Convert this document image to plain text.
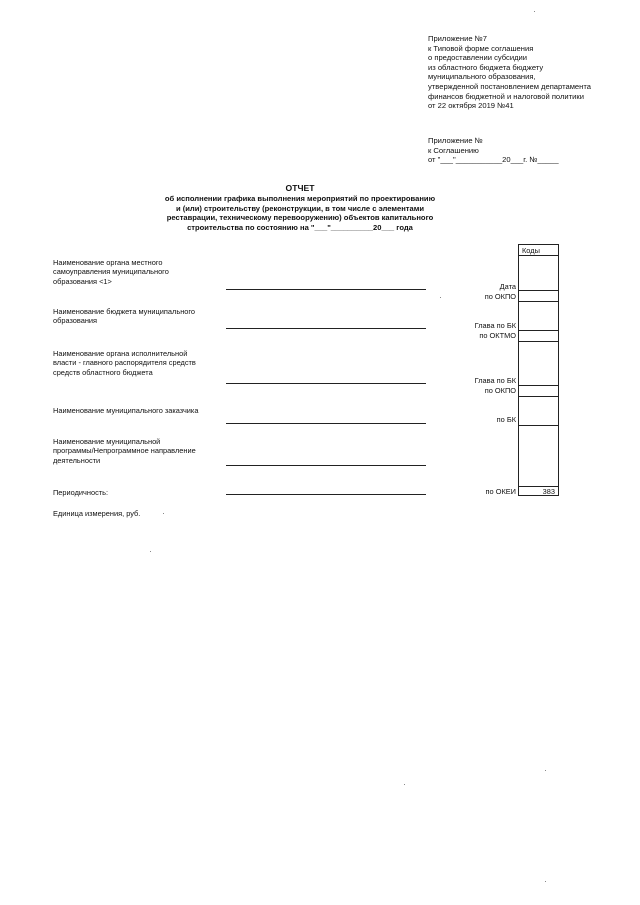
Приложение №7
к Типовой форме соглашения
о предоставлении субсидии
из областного бюджета бюджету
муниципального образования,
утвержденной постановлением департамента
финансов бюджетной и налоговой политики
от 22 октября 2019 №41
Приложение №
к Соглашению
от "___"___________20___г. №_____
ОТЧЕТ
об исполнении графика выполнения мероприятий по проектированию
и (или) строительству (реконструкции, в том числе с элементами
реставрации, техническому перевооружению) объектов капитального
строительства по состоянию на "___"__________20___ года
Наименование органа местного
самоуправления муниципального
образования <1>
Наименование бюджета муниципального
образования
Наименование органа исполнительной
власти - главного распорядителя средств
средств областного бюджета
Наименование муниципального заказчика
Наименование муниципальной
программы/Непрограммное направление
деятельности
Периодичность:
Единица измерения, руб.
Дата
по ОКПО
Глава по БК
по ОКТМО
Глава по БК
по ОКПО
по БК
по ОКЕИ
Коды
383
